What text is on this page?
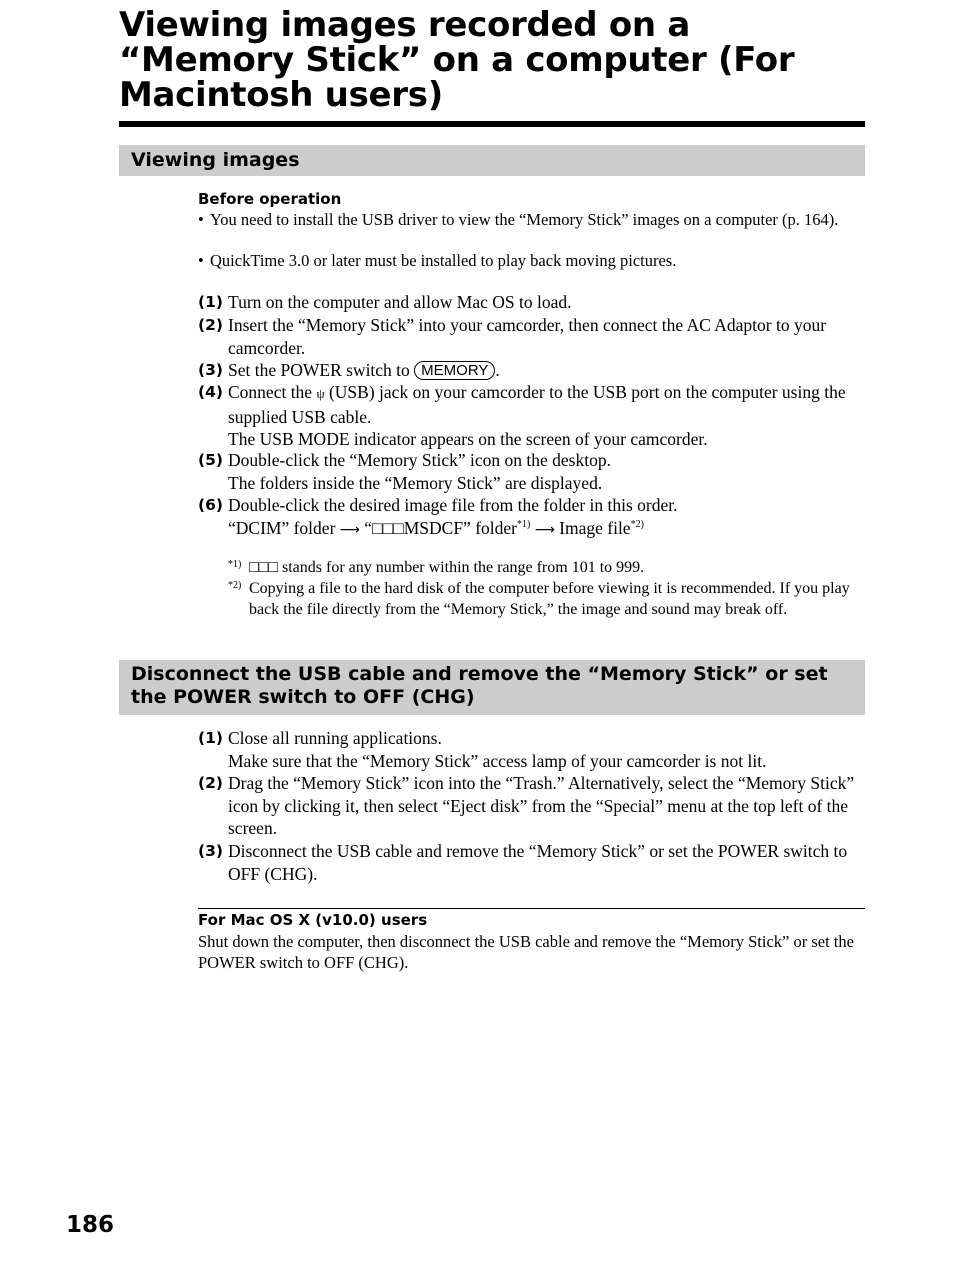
Viewing images recorded on a “Memory Stick” on a computer (For Macintosh users)
Viewing images
Before operation
• You need to install the USB driver to view the “Memory Stick” images on a computer (p. 164).
• QuickTime 3.0 or later must be installed to play back moving pictures.
(1) Turn on the computer and allow Mac OS to load.

(2) Insert the “Memory Stick” into your camcorder, then connect the AC Adaptor to your camcorder.

(3) Set the POWER switch to MEMORY .

(4) Connect the ψ (USB) jack on your camcorder to the USB port on the computer using the supplied USB cable.

The USB MODE indicator appears on the screen of your camcorder.

(5) Double-click the “Memory Stick” icon on the desktop.

The folders inside the “Memory Stick” are displayed.

(6) Double-click the desired image file from the folder in this order.

“DCIM” folder ⟶ “□□□MSDCF” folder$^{*1)}$ ⟶ Image file$^{*2)}$

*1) □□□ stands for any number within the range from 101 to 999.
*2) Copying a file to the hard disk of the computer before viewing it is recommended. If you play back the file directly from the “Memory Stick,” the image and sound may break off.
Disconnect the USB cable and remove the “Memory Stick” or set the POWER switch to OFF (CHG)
(1) Close all running applications.

Make sure that the “Memory Stick” access lamp of your camcorder is not lit.

(2) Drag the “Memory Stick” icon into the “Trash.” Alternatively, select the “Memory Stick” icon by clicking it, then select “Eject disk” from the “Special” menu at the top left of the screen.

(3) Disconnect the USB cable and remove the “Memory Stick” or set the POWER switch to OFF (CHG).

For Mac OS X (v10.0) users
Shut down the computer, then disconnect the USB cable and remove the “Memory Stick” or set the POWER switch to OFF (CHG).
186
